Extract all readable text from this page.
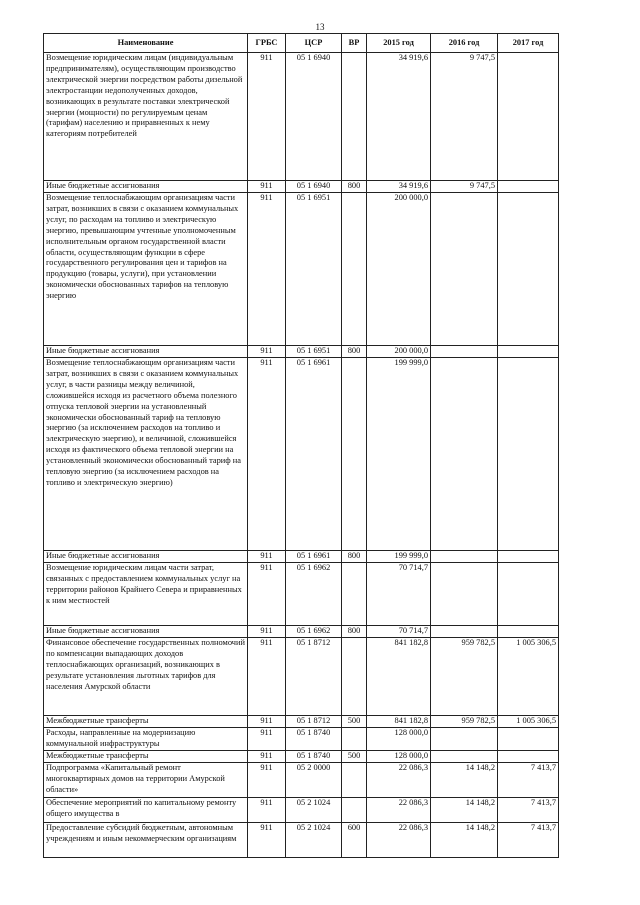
13
Наименование	ГРБС	ЦСР	ВР	2015 год	2016 год	2017 год
Возмещение юридическим лицам (индивидуальным предпринимателям), осуществляющим производство электрической энергии посредством работы дизельной электростанции недополученных доходов, возникающих в результате поставки электрической энергии (мощности) по регулируемым ценам (тарифам) населению и приравненных к нему категориям потребителей	911	05 1 6940		34 919,6	9 747,5	
Иные бюджетные ассигнования	911	05 1 6940	800	34 919,6	9 747,5	
Возмещение теплоснабжающим организациям части затрат, возникших в связи с оказанием коммунальных услуг, по расходам на топливо и электрическую энергию, превышающим учтенные уполномоченным исполнительным органом государственной власти области, осуществляющим функции в сфере государственного регулирования цен и тарифов на продукцию (товары, услуги), при установлении экономически обоснованных тарифов на тепловую энергию	911	05 1 6951		200 000,0		
Иные бюджетные ассигнования	911	05 1 6951	800	200 000,0		
Возмещение теплоснабжающим организациям части затрат, возникших в связи с оказанием коммунальных услуг, в части разницы между величиной, сложившейся исходя из расчетного объема полезного отпуска тепловой энергии на установленный экономически обоснованный тариф на тепловую энергию (за исключением расходов на топливо и электрическую энергию), и величиной, сложившейся исходя из фактического объема тепловой энергии на установленный экономически обоснованный тариф на тепловую энергию (за исключением расходов на топливо и электрическую энергию)	911	05 1 6961		199 999,0		
Иные бюджетные ассигнования	911	05 1 6961	800	199 999,0		
Возмещение юридическим лицам части затрат, связанных с предоставлением коммунальных услуг на территории районов Крайнего Севера и приравненных к ним местностей	911	05 1 6962		70 714,7		
Иные бюджетные ассигнования	911	05 1 6962	800	70 714,7		
Финансовое обеспечение государственных полномочий по компенсации выпадающих доходов теплоснабжающих организаций, возникающих в результате установления льготных тарифов для населения Амурской области	911	05 1 8712		841 182,8	959 782,5	1 005 306,5
Межбюджетные трансферты	911	05 1 8712	500	841 182,8	959 782,5	1 005 306,5
Расходы, направленные на модернизацию коммунальной инфраструктуры	911	05 1 8740		128 000,0		
Межбюджетные трансферты	911	05 1 8740	500	128 000,0		
Подпрограмма «Капитальный ремонт многоквартирных домов на территории Амурской области»	911	05 2 0000		22 086,3	14 148,2	7 413,7
Обеспечение мероприятий по капитальному ремонту общего имущества в	911	05 2 1024		22 086,3	14 148,2	7 413,7
Предоставление субсидий бюджетным, автономным учреждениям и иным некоммерческим организациям	911	05 2 1024	600	22 086,3	14 148,2	7 413,7
